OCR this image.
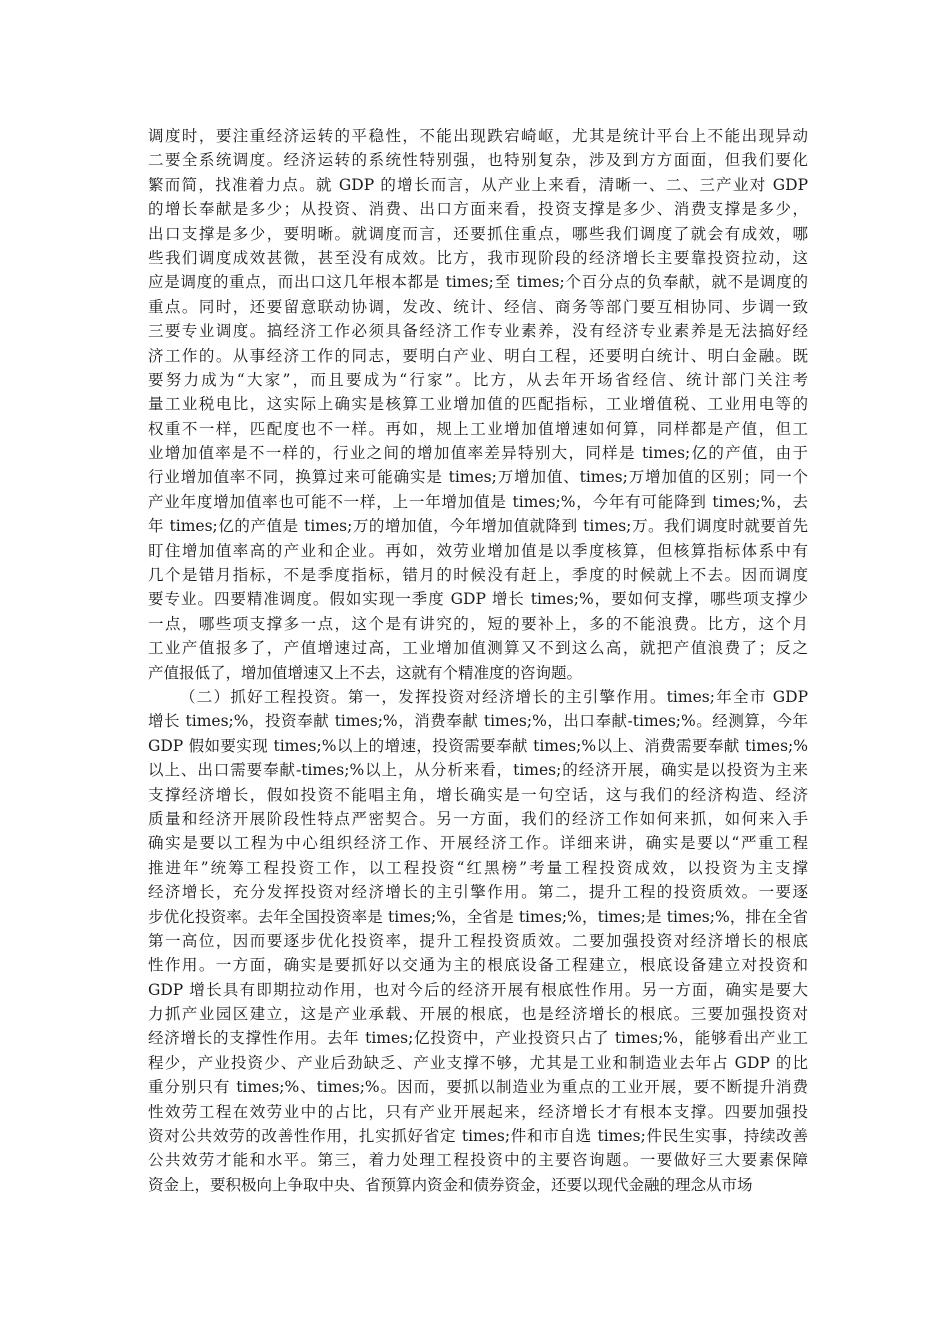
调度时，要注重经济运转的平稳性，不能出现跌宕崎岖，尤其是统计平台上不能出现异动
二要全系统调度。经济运转的系统性特别强，也特别复杂，涉及到方方面面，但我们要化
繁而简，找准着力点。就 GDP 的增长而言，从产业上来看，清晰一、二、三产业对 GDP
的增长奉献是多少；从投资、消费、出口方面来看，投资支撑是多少、消费支撑是多少，
出口支撑是多少，要明晰。就调度而言，还要抓住重点，哪些我们调度了就会有成效，哪
些我们调度成效甚微，甚至没有成效。比方，我市现阶段的经济增长主要靠投资拉动，这
应是调度的重点，而出口这几年根本都是 times;至 times;个百分点的负奉献，就不是调度的
重点。同时，还要留意联动协调，发改、统计、经信、商务等部门要互相协同、步调一致
三要专业调度。搞经济工作必须具备经济工作专业素养，没有经济专业素养是无法搞好经
济工作的。从事经济工作的同志，要明白产业、明白工程，还要明白统计、明白金融。既
要努力成为“大家”，而且要成为“行家”。比方，从去年开场省经信、统计部门关注考
量工业税电比，这实际上确实是核算工业增加值的匹配指标，工业增值税、工业用电等的
权重不一样，匹配度也不一样。再如，规上工业增加值增速如何算，同样都是产值，但工
业增加值率是不一样的，行业之间的增加值率差异特别大，同样是 times;亿的产值，由于
行业增加值率不同，换算过来可能确实是 times;万增加值、times;万增加值的区别；同一个
产业年度增加值率也可能不一样，上一年增加值是 times;%，今年有可能降到 times;%，去
年 times;亿的产值是 times;万的增加值，今年增加值就降到 times;万。我们调度时就要首先
盯住增加值率高的产业和企业。再如，效劳业增加值是以季度核算，但核算指标体系中有
几个是错月指标，不是季度指标，错月的时候没有赶上，季度的时候就上不去。因而调度
要专业。四要精准调度。假如实现一季度 GDP 增长 times;%，要如何支撑，哪些项支撑少
一点，哪些项支撑多一点，这个是有讲究的，短的要补上，多的不能浪费。比方，这个月
工业产值报多了，产值增速过高，工业增加值测算又不到这么高，就把产值浪费了；反之
产值报低了，增加值增速又上不去，这就有个精准度的咨询题。
（二）抓好工程投资。第一，发挥投资对经济增长的主引擎作用。times;年全市 GDP
增长 times;%，投资奉献 times;%，消费奉献 times;%，出口奉献-times;%。经测算，今年
GDP 假如要实现 times;%以上的增速，投资需要奉献 times;%以上、消费需要奉献 times;%
以上、出口需要奉献-times;%以上，从分析来看，times;的经济开展，确实是以投资为主来
支撑经济增长，假如投资不能唱主角，增长确实是一句空话，这与我们的经济构造、经济
质量和经济开展阶段性特点严密契合。另一方面，我们的经济工作如何来抓，如何来入手
确实是要以工程为中心组织经济工作、开展经济工作。详细来讲，确实是要以“严重工程
推进年”统筹工程投资工作，以工程投资“红黑榜”考量工程投资成效，以投资为主支撑
经济增长，充分发挥投资对经济增长的主引擎作用。第二，提升工程的投资质效。一要逐
步优化投资率。去年全国投资率是 times;%，全省是 times;%，times;是 times;%，排在全省
第一高位，因而要逐步优化投资率，提升工程投资质效。二要加强投资对经济增长的根底
性作用。一方面，确实是要抓好以交通为主的根底设备工程建立，根底设备建立对投资和
GDP 增长具有即期拉动作用，也对今后的经济开展有根底性作用。另一方面，确实是要大
力抓产业园区建立，这是产业承载、开展的根底，也是经济增长的根底。三要加强投资对
经济增长的支撑性作用。去年 times;亿投资中，产业投资只占了 times;%，能够看出产业工
程少，产业投资少、产业后劲缺乏、产业支撑不够，尤其是工业和制造业去年占 GDP 的比
重分别只有 times;%、times;%。因而，要抓以制造业为重点的工业开展，要不断提升消费
性效劳工程在效劳业中的占比，只有产业开展起来，经济增长才有根本支撑。四要加强投
资对公共效劳的改善性作用，扎实抓好省定 times;件和市自选 times;件民生实事，持续改善
公共效劳才能和水平。第三，着力处理工程投资中的主要咨询题。一要做好三大要素保障
资金上，要积极向上争取中央、省预算内资金和债券资金，还要以现代金融的理念从市场
